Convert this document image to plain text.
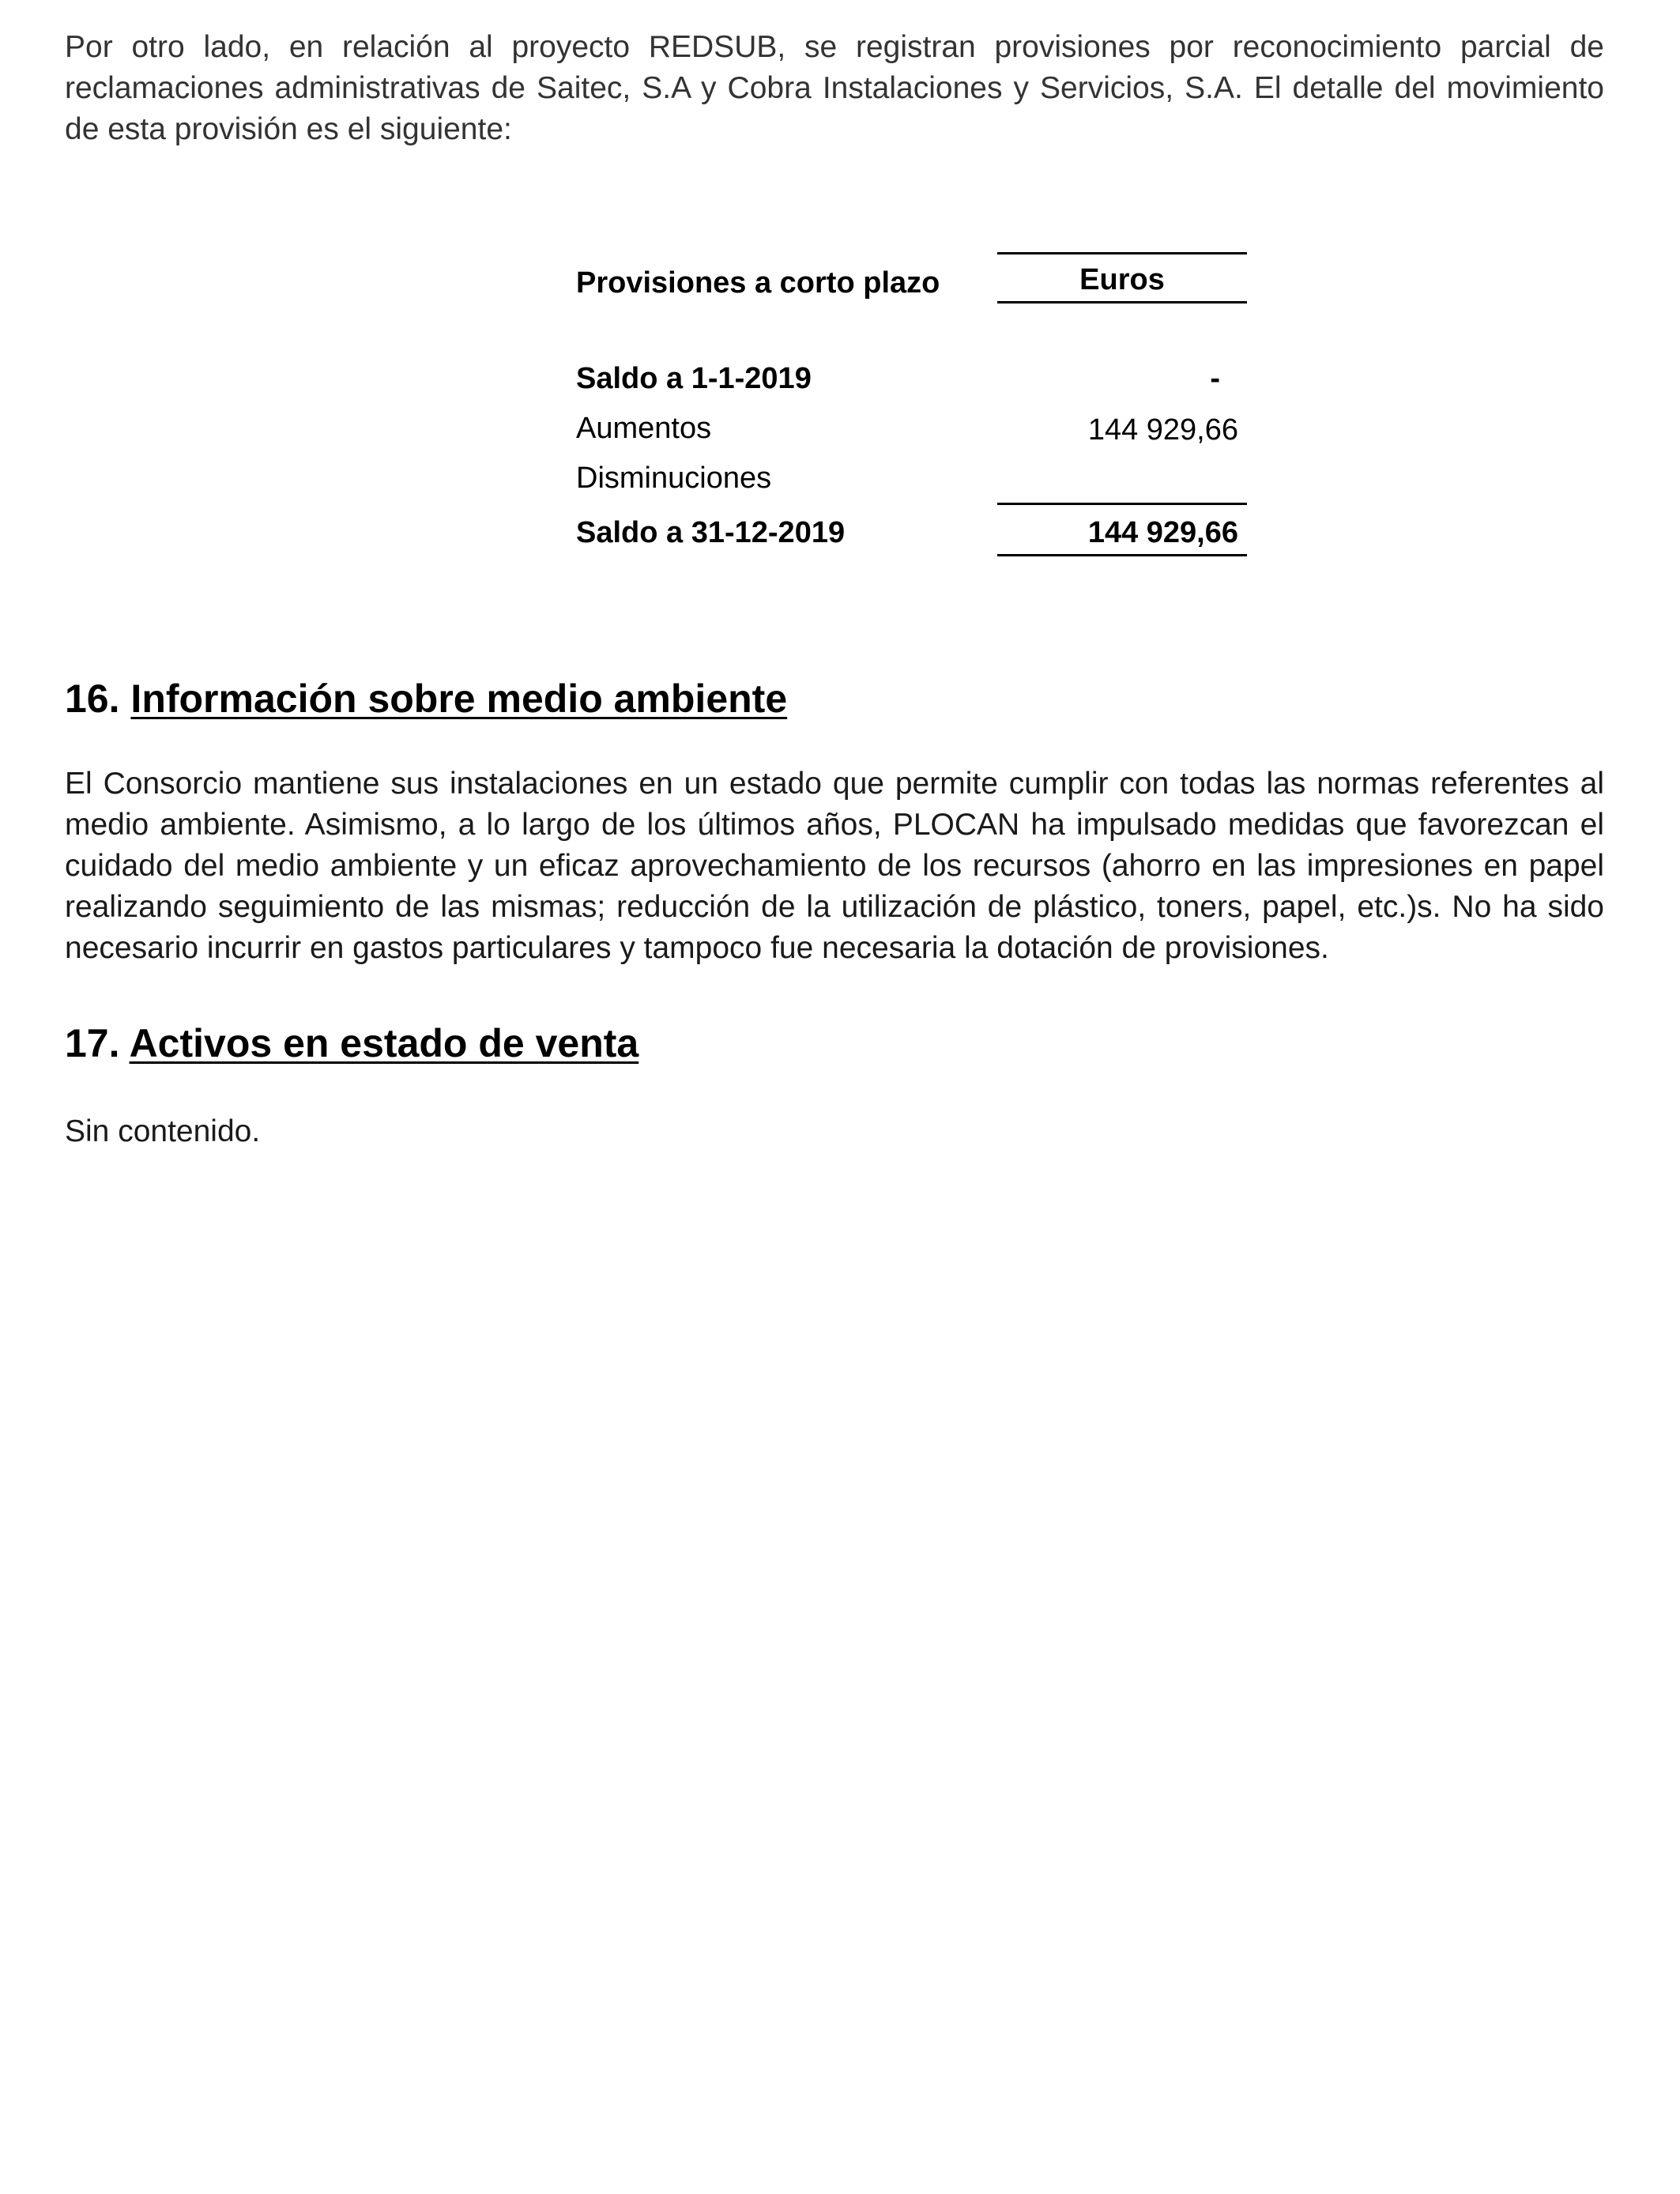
Por otro lado, en relación al proyecto REDSUB, se registran provisiones por reconocimiento parcial de reclamaciones administrativas de Saitec, S.A y Cobra Instalaciones y Servicios, S.A. El detalle del movimiento de esta provisión es el siguiente:

Provisiones a corto plazo	Euros
Saldo a 1-1-2019	-
Aumentos	144 929,66
Disminuciones
Saldo a 31-12-2019	144 929,66
16. Información sobre medio ambiente

El Consorcio mantiene sus instalaciones en un estado que permite cumplir con todas las normas referentes al medio ambiente. Asimismo, a lo largo de los últimos años, PLOCAN ha impulsado medidas que favorezcan el cuidado del medio ambiente y un eficaz aprovechamiento de los recursos (ahorro en las impresiones en papel realizando seguimiento de las mismas; reducción de la utilización de plástico, toners, papel, etc.)s. No ha sido necesario incurrir en gastos particulares y tampoco fue necesaria la dotación de provisiones.

17. Activos en estado de venta

Sin contenido.
